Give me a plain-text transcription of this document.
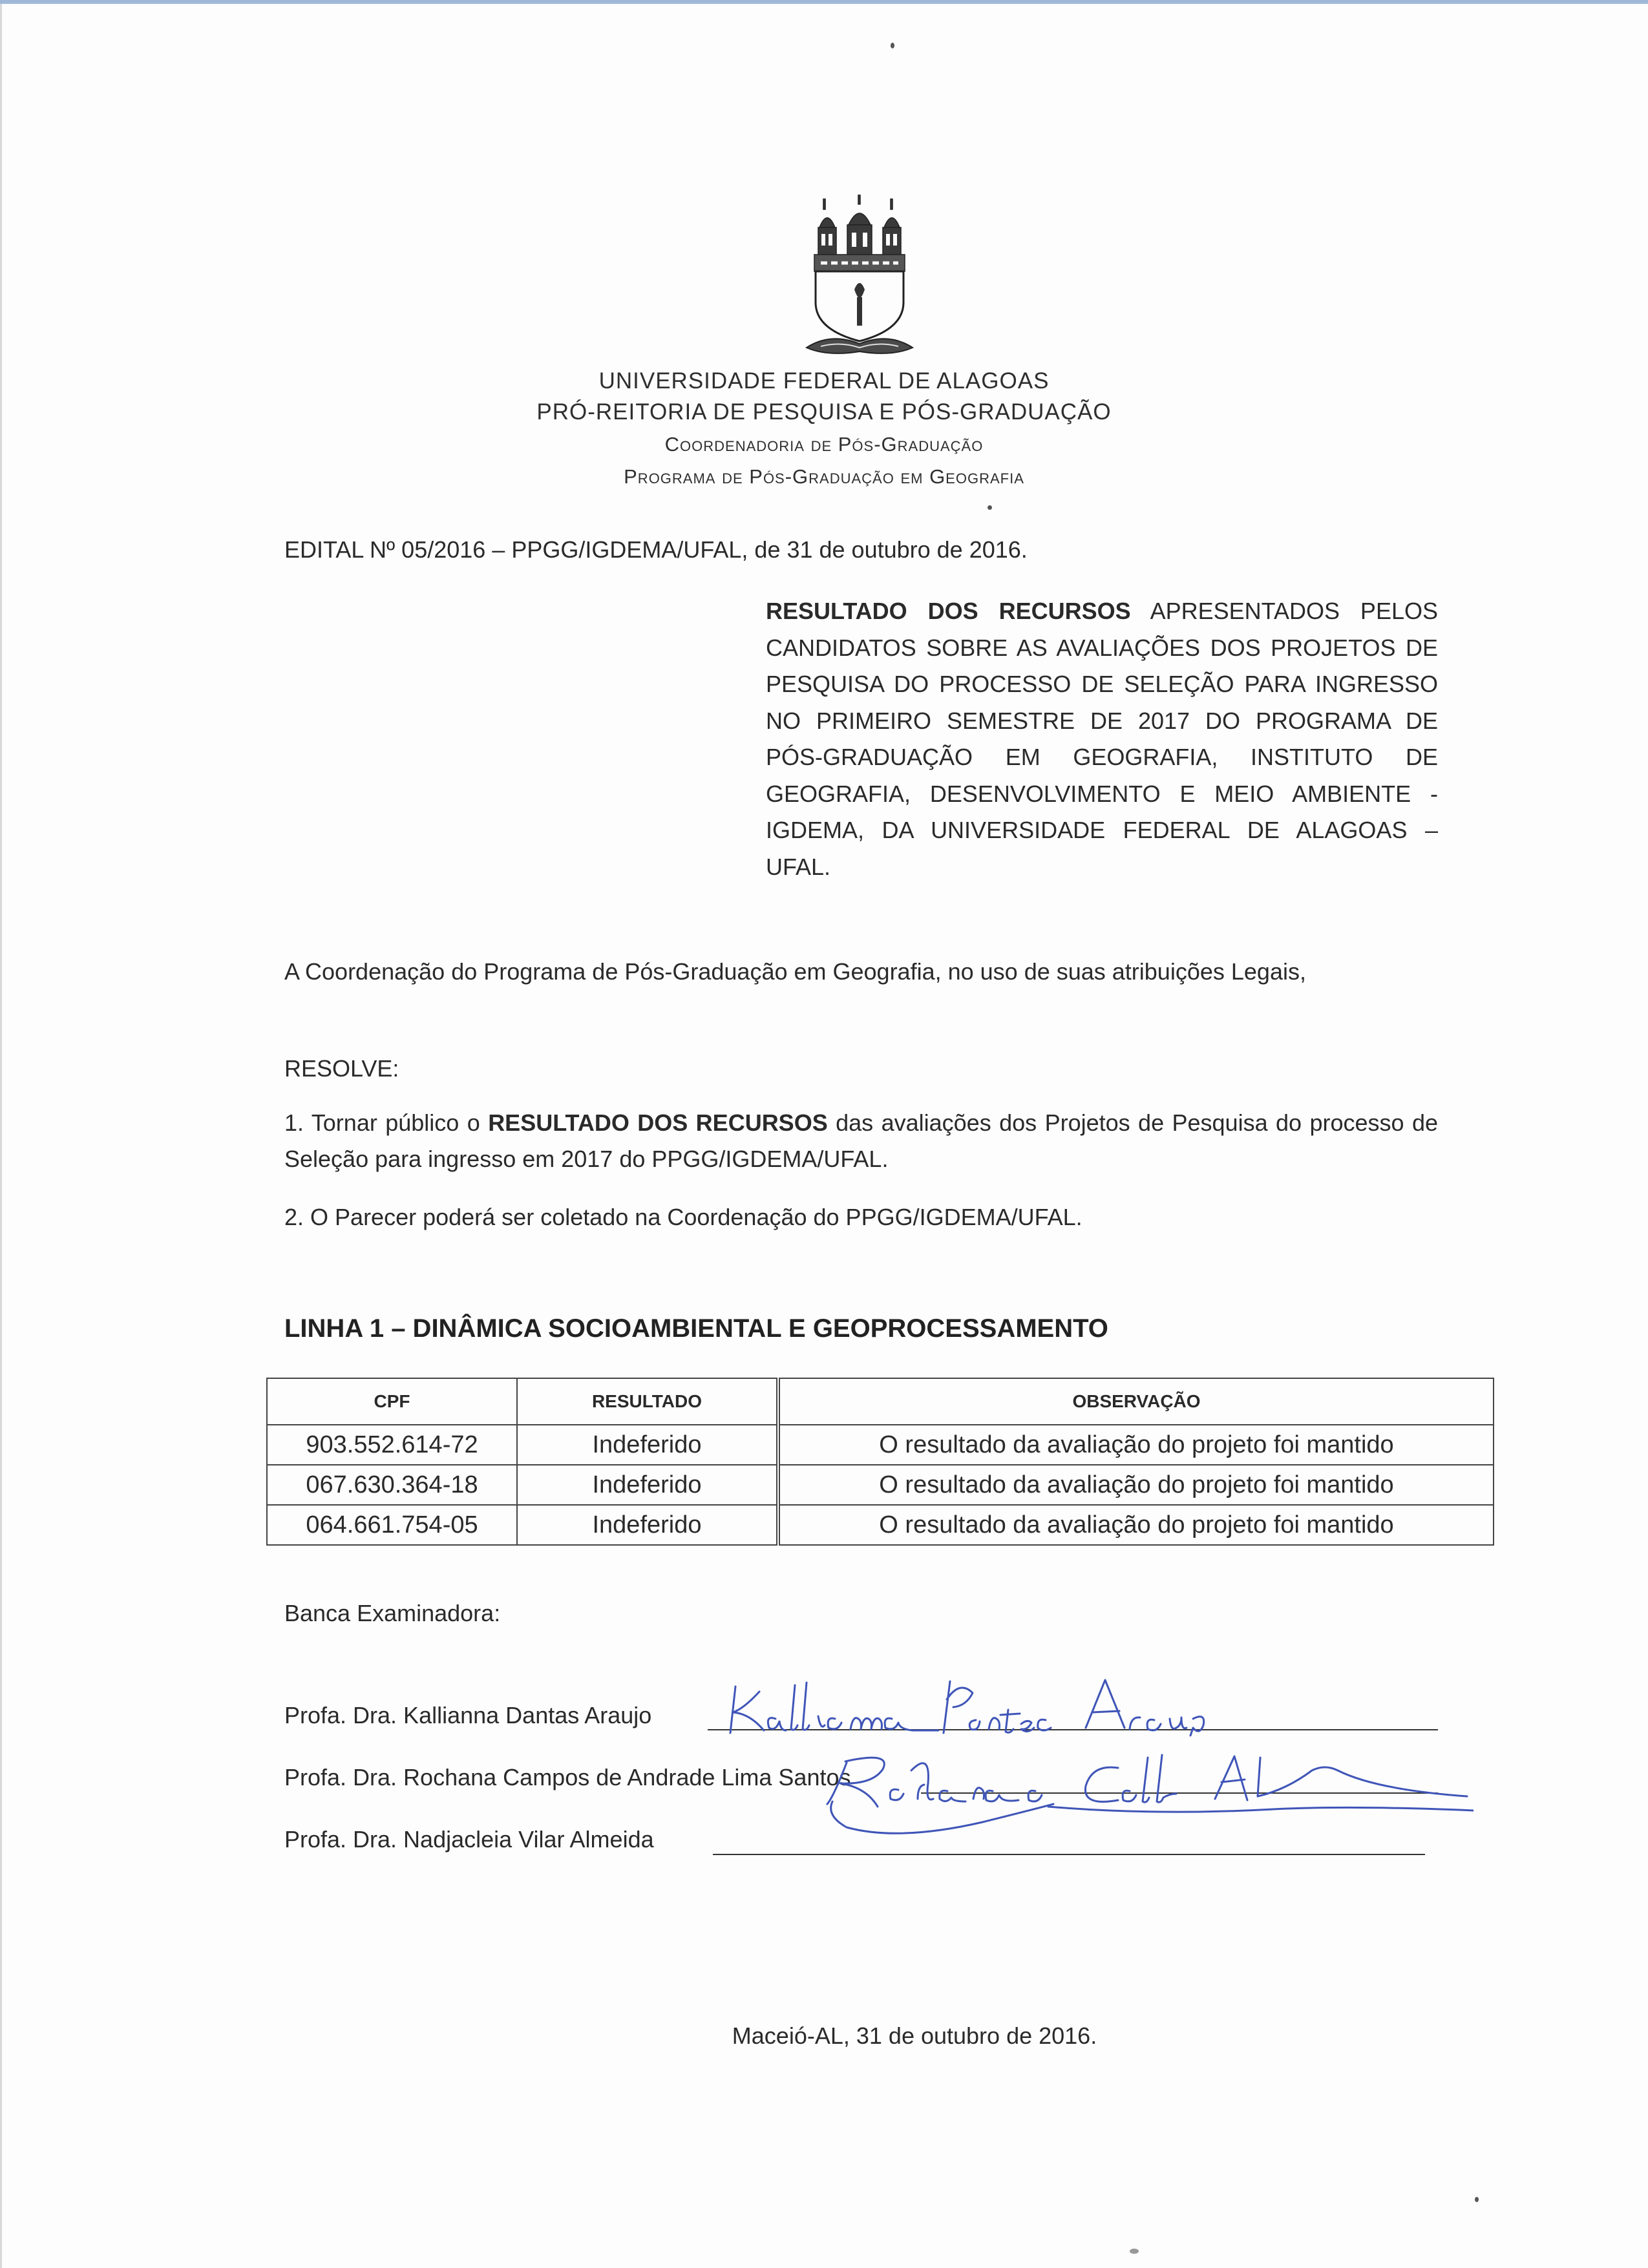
UNIVERSIDADE FEDERAL DE ALAGOAS
PRÓ-REITORIA DE PESQUISA E PÓS-GRADUAÇÃO
Coordenadoria de Pós-Graduação
Programa de Pós-Graduação em Geografia
EDITAL Nº 05/2016 – PPGG/IGDEMA/UFAL, de 31 de outubro de 2016.
RESULTADO DOS RECURSOS APRESENTADOS PELOS CANDIDATOS SOBRE AS AVALIAÇÕES DOS PROJETOS DE PESQUISA DO PROCESSO DE SELEÇÃO PARA INGRESSO NO PRIMEIRO SEMESTRE DE 2017 DO PROGRAMA DE PÓS-GRADUAÇÃO EM GEOGRAFIA, INSTITUTO DE GEOGRAFIA, DESENVOLVIMENTO E MEIO AMBIENTE - IGDEMA, DA UNIVERSIDADE FEDERAL DE ALAGOAS – UFAL.
A Coordenação do Programa de Pós-Graduação em Geografia, no uso de suas atribuições Legais,
RESOLVE:
1. Tornar público o RESULTADO DOS RECURSOS das avaliações dos Projetos de Pesquisa do processo de Seleção para ingresso em 2017 do PPGG/IGDEMA/UFAL.
2. O Parecer poderá ser coletado na Coordenação do PPGG/IGDEMA/UFAL.
LINHA 1 – DINÂMICA SOCIOAMBIENTAL E GEOPROCESSAMENTO
CPF	RESULTADO	OBSERVAÇÃO
903.552.614-72	Indeferido	O resultado da avaliação do projeto foi mantido
067.630.364-18	Indeferido	O resultado da avaliação do projeto foi mantido
064.661.754-05	Indeferido	O resultado da avaliação do projeto foi mantido
Banca Examinadora:
Profa. Dra. Kallianna Dantas Araujo
Profa. Dra. Rochana Campos de Andrade Lima Santos
Profa. Dra. Nadjacleia Vilar Almeida
Maceió-AL, 31 de outubro de 2016.
